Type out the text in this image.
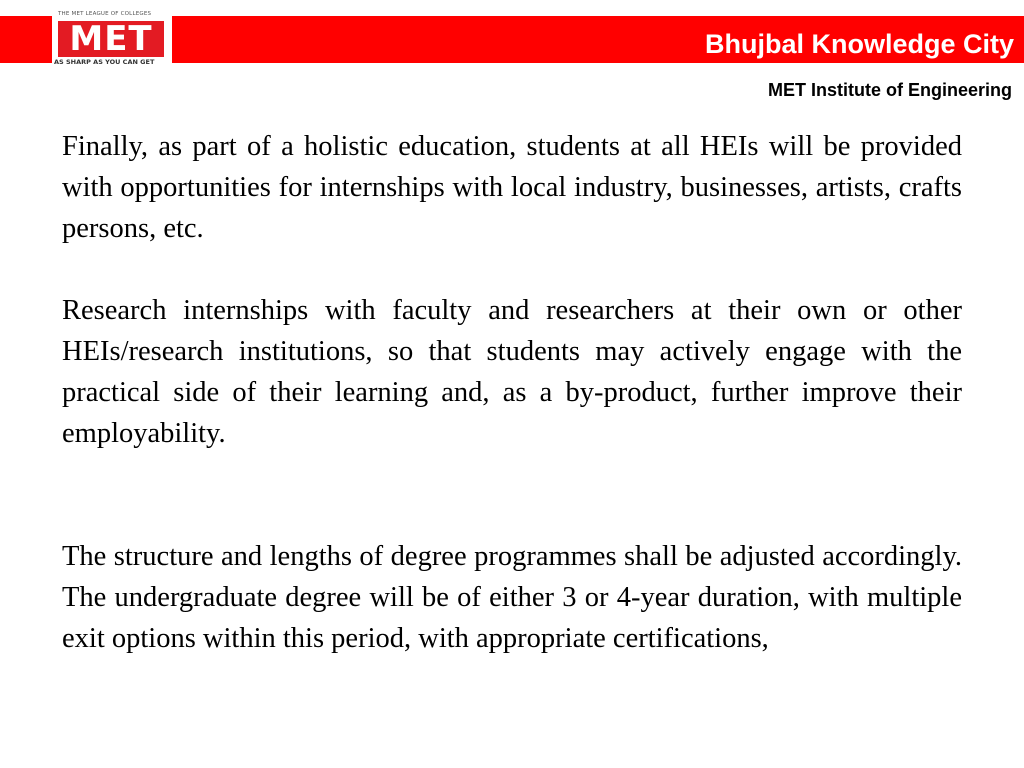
THE MET LEAGUE OF COLLEGES
MET
AS SHARP AS YOU CAN GET
Bhujbal Knowledge City
MET Institute of Engineering

Finally, as part of a holistic education, students at all HEIs will be provided with opportunities for internships with local industry, businesses, artists, crafts persons, etc.

Research internships with faculty and researchers at their own or other HEIs/research institutions, so that students may actively engage with the practical side of their learning and, as a by-product, further improve their employability.

The structure and lengths of degree programmes shall be adjusted accordingly. The undergraduate degree will be of either 3 or 4-year duration, with multiple exit options within this period, with appropriate certifications,
